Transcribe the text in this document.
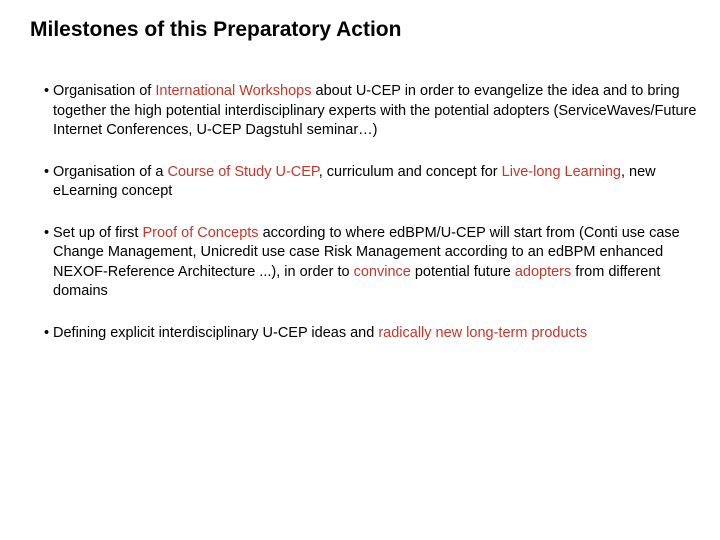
Milestones of this Preparatory Action
• Organisation of International Workshops about U-CEP in order to evangelize the idea and to bring together the high potential interdisciplinary experts with the potential adopters (ServiceWaves/Future Internet Conferences, U-CEP Dagstuhl seminar…)
• Organisation of a Course of Study U-CEP, curriculum and concept for Live-long Learning, new eLearning concept
• Set up of first Proof of Concepts according to where edBPM/U-CEP will start from (Conti use case Change Management, Unicredit use case Risk Management according to an edBPM enhanced NEXOF-Reference Architecture ...), in order to convince potential future adopters from different domains
• Defining explicit interdisciplinary U-CEP ideas and radically new long-term products
